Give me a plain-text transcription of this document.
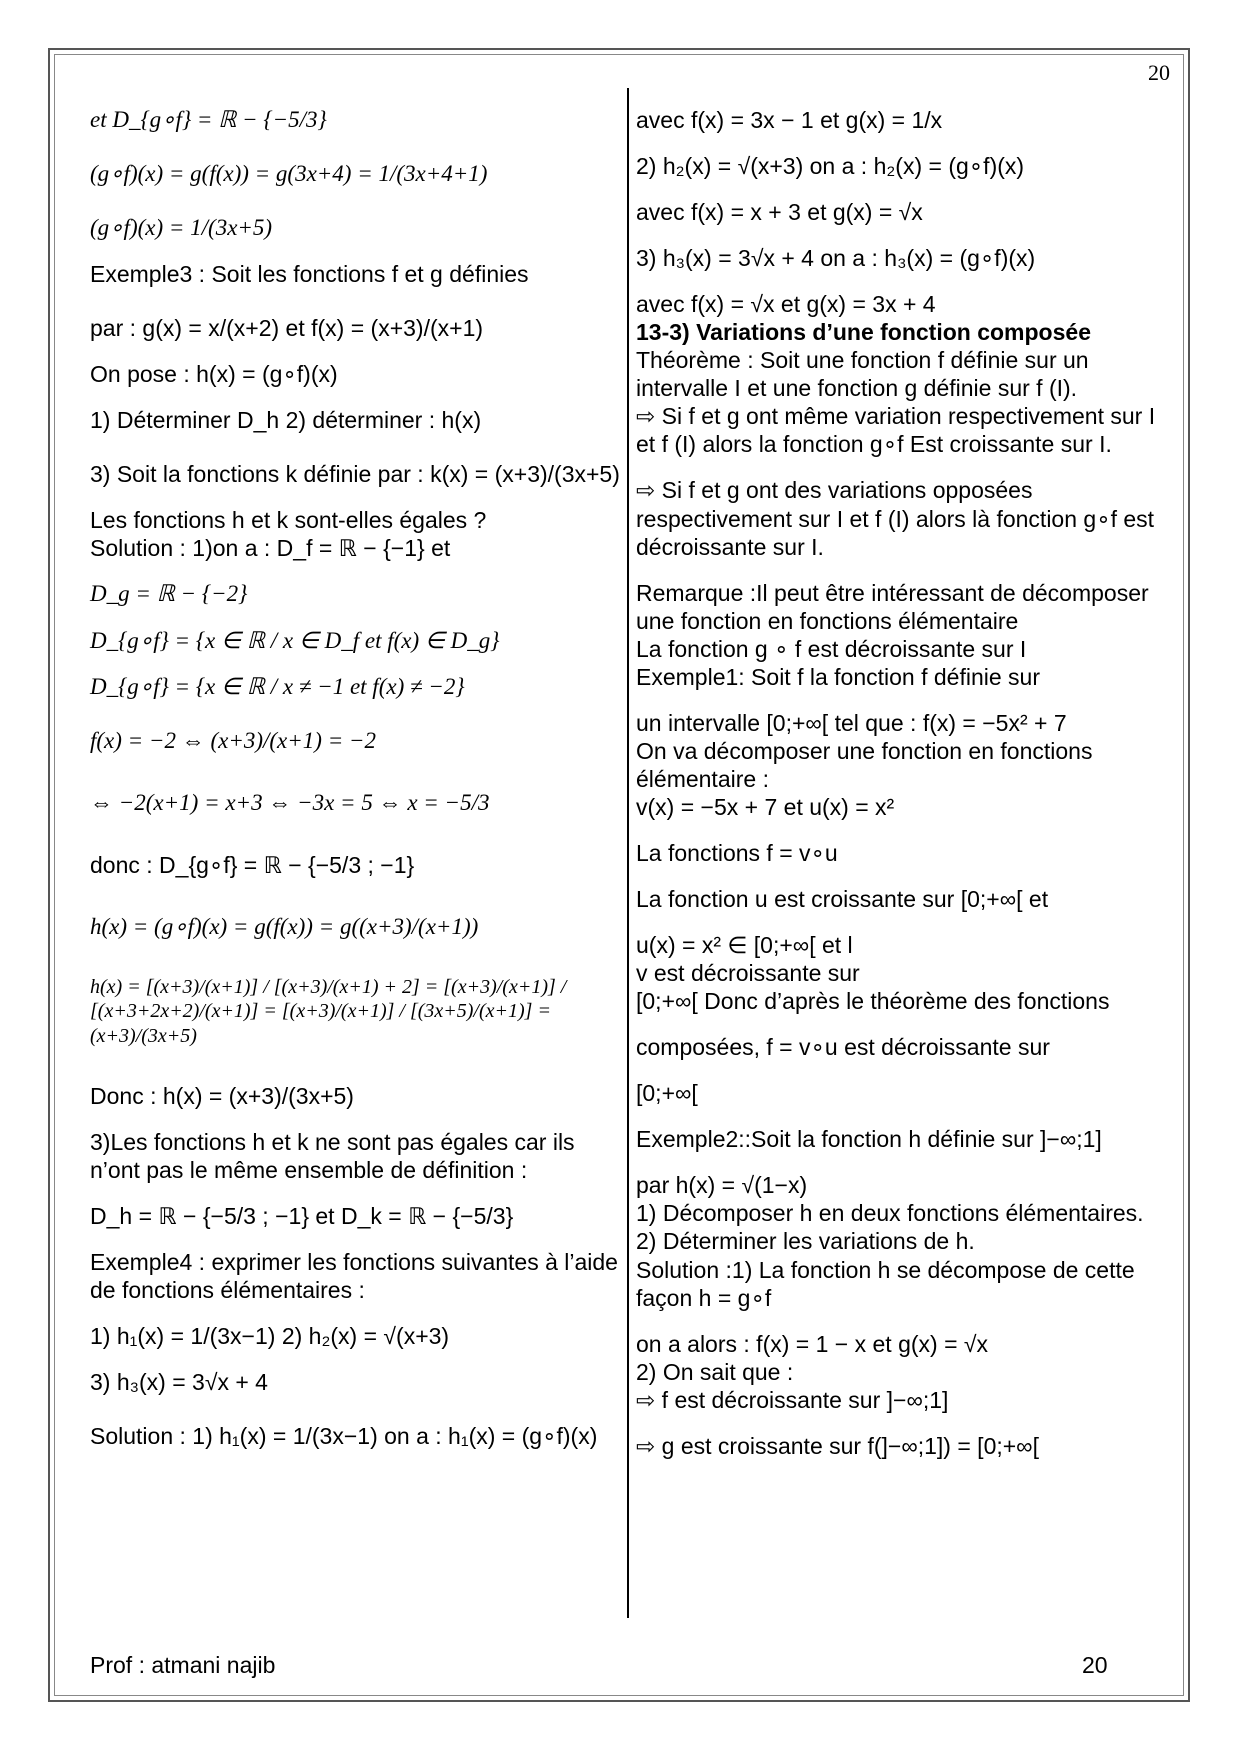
20

et D_{g∘f} = ℝ − {−5/3}

(g∘f)(x) = g(f(x)) = g(3x+4) = 1/(3x+4+1)

(g∘f)(x) = 1/(3x+5)

Exemple3 : Soit les fonctions f et g définies

par : g(x) = x/(x+2) et f(x) = (x+3)/(x+1)

On pose : h(x) = (g∘f)(x)

1) Déterminer D_h 2) déterminer : h(x)

3) Soit la fonctions k définie par : k(x) = (x+3)/(3x+5)

Les fonctions h et k sont-elles égales ?

Solution : 1)on a : D_f = ℝ − {−1} et

D_g = ℝ − {−2}

D_{g∘f} = {x ∈ ℝ / x ∈ D_f et f(x) ∈ D_g}

D_{g∘f} = {x ∈ ℝ / x ≠ −1 et f(x) ≠ −2}

f(x) = −2 ⇔ (x+3)/(x+1) = −2

⇔ −2(x+1) = x+3 ⇔ −3x = 5 ⇔ x = −5/3

donc : D_{g∘f} = ℝ − {−5/3 ; −1}

h(x) = (g∘f)(x) = g(f(x)) = g((x+3)/(x+1))

h(x) = [(x+3)/(x+1)] / [(x+3)/(x+1) + 2] = [(x+3)/(x+1)] / [(x+3+2x+2)/(x+1)] = [(x+3)/(x+1)] / [(3x+5)/(x+1)] = (x+3)/(3x+5)

Donc : h(x) = (x+3)/(3x+5)

3)Les fonctions h et k ne sont pas égales car ils n’ont pas le même ensemble de définition :

D_h = ℝ − {−5/3 ; −1} et D_k = ℝ − {−5/3}

Exemple4 : exprimer les fonctions suivantes à l’aide de fonctions élémentaires :

1) h₁(x) = 1/(3x−1) 2) h₂(x) = √(x+3)

3) h₃(x) = 3√x + 4

Solution : 1) h₁(x) = 1/(3x−1) on a : h₁(x) = (g∘f)(x)

avec f(x) = 3x − 1 et g(x) = 1/x

2) h₂(x) = √(x+3) on a : h₂(x) = (g∘f)(x)

avec f(x) = x + 3 et g(x) = √x

3) h₃(x) = 3√x + 4 on a : h₃(x) = (g∘f)(x)

avec f(x) = √x et g(x) = 3x + 4

13-3) Variations d’une fonction composée

Théorème : Soit une fonction f définie sur un intervalle I et une fonction g définie sur f (I).

⇨ Si f et g ont même variation respectivement sur I et f (I) alors la fonction g∘f Est croissante sur I.

⇨ Si f et g ont des variations opposées respectivement sur I et f (I) alors là fonction g∘f est décroissante sur I.

Remarque :Il peut être intéressant de décomposer une fonction en fonctions élémentaire

La fonction g ∘ f est décroissante sur I

Exemple1: Soit f la fonction f définie sur

un intervalle [0;+∞[ tel que : f(x) = −5x² + 7

On va décomposer une fonction en fonctions élémentaire :

v(x) = −5x + 7 et u(x) = x²

La fonctions f = v∘u

La fonction u est croissante sur [0;+∞[ et

u(x) = x² ∈ [0;+∞[ et l

v est décroissante sur

[0;+∞[ Donc d’après le théorème des fonctions

composées, f = v∘u est décroissante sur

[0;+∞[

Exemple2::Soit la fonction h définie sur ]−∞;1]

par h(x) = √(1−x)

1) Décomposer h en deux fonctions élémentaires.

2) Déterminer les variations de h.

Solution :1) La fonction h se décompose de cette façon h = g∘f

on a alors : f(x) = 1 − x et g(x) = √x

2) On sait que :

⇨ f est décroissante sur ]−∞;1]

⇨ g est croissante sur f(]−∞;1]) = [0;+∞[

Prof : atmani najib	20
